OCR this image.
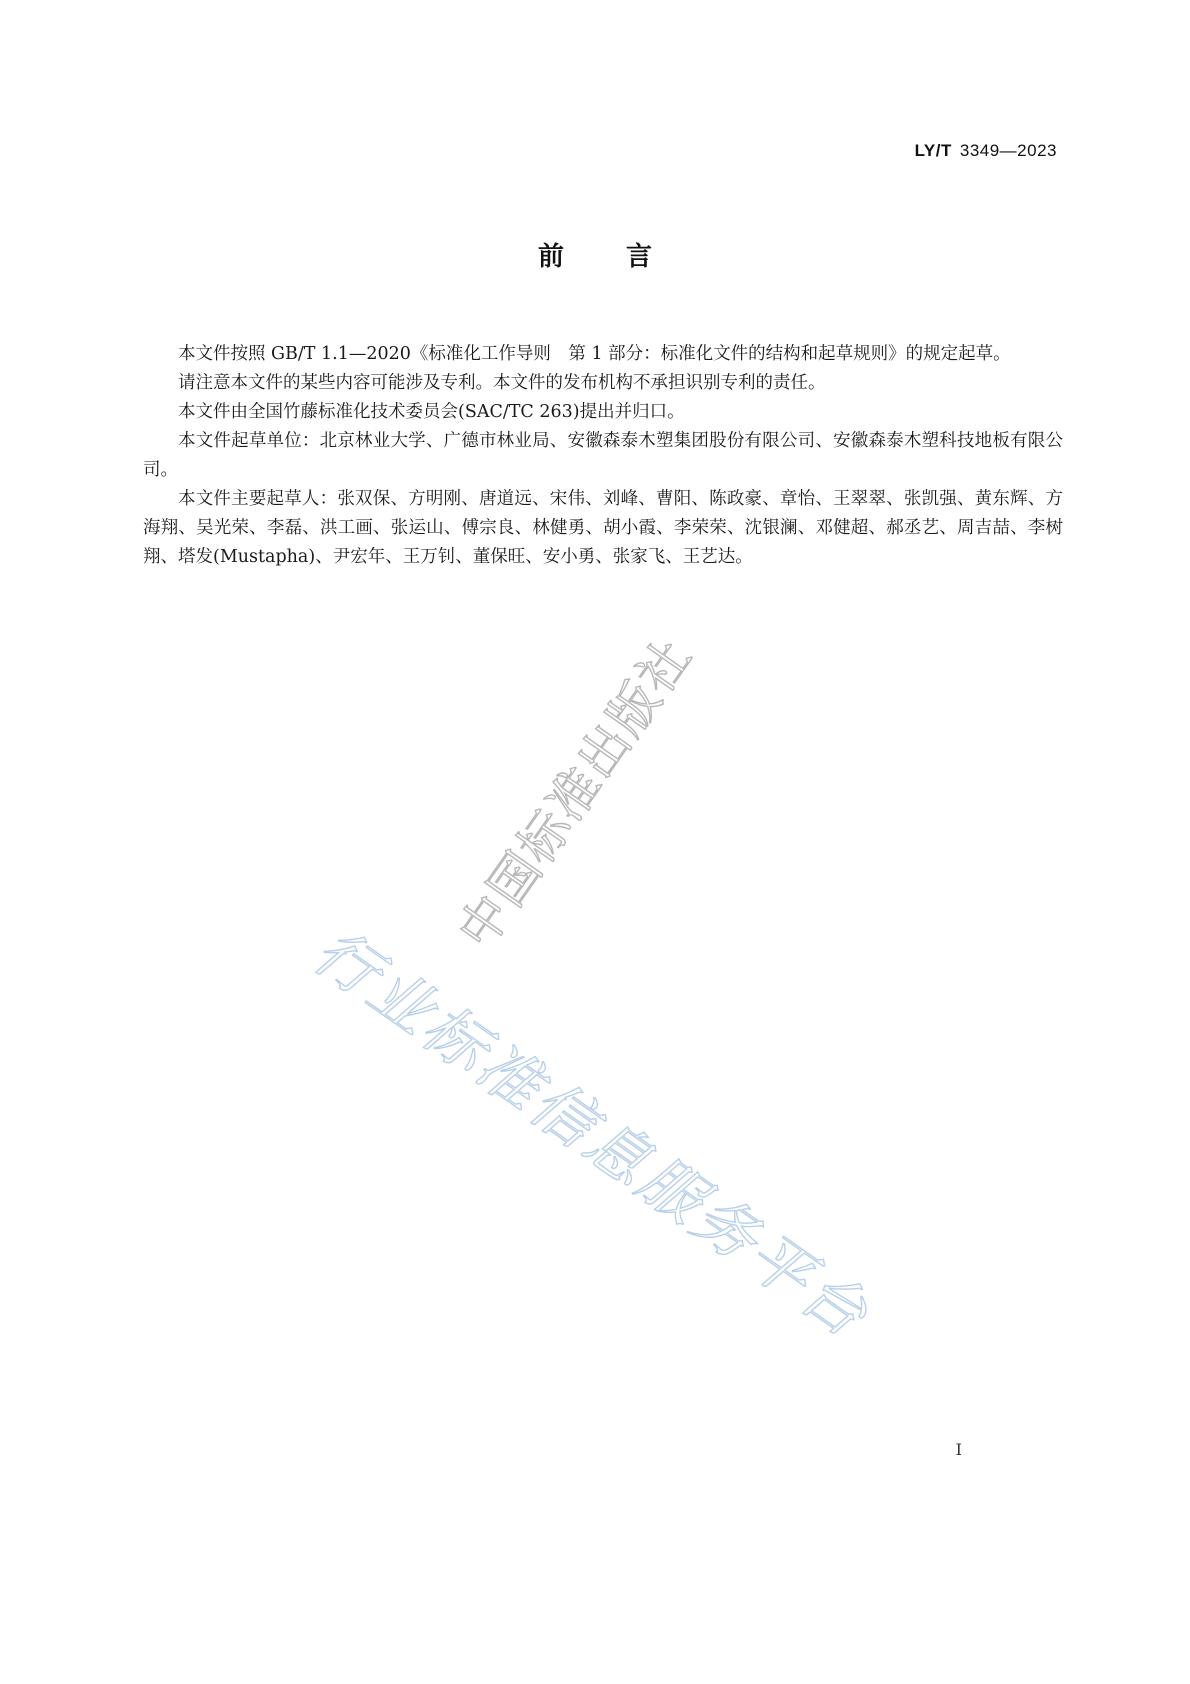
LY/T 3349—2023
前言

本文件按照 GB/T 1.1—2020《标准化工作导则　第 1 部分：标准化文件的结构和起草规则》的规定起草。

请注意本文件的某些内容可能涉及专利。本文件的发布机构不承担识别专利的责任。

本文件由全国竹藤标准化技术委员会(SAC/TC 263)提出并归口。

本文件起草单位：北京林业大学、广德市林业局、安徽森泰木塑集团股份有限公司、安徽森泰木塑科技地板有限公司。

本文件主要起草人：张双保、方明刚、唐道远、宋伟、刘峰、曹阳、陈政豪、章怡、王翠翠、张凯强、黄东辉、方海翔、吴光荣、李磊、洪工画、张运山、傅宗良、林健勇、胡小霞、李荣荣、沈银澜、邓健超、郝丞艺、周吉喆、李树翔、塔发(Mustapha)、尹宏年、王万钊、董保旺、安小勇、张家飞、王艺达。

中国标准出版社
行业标准信息服务平台
I
